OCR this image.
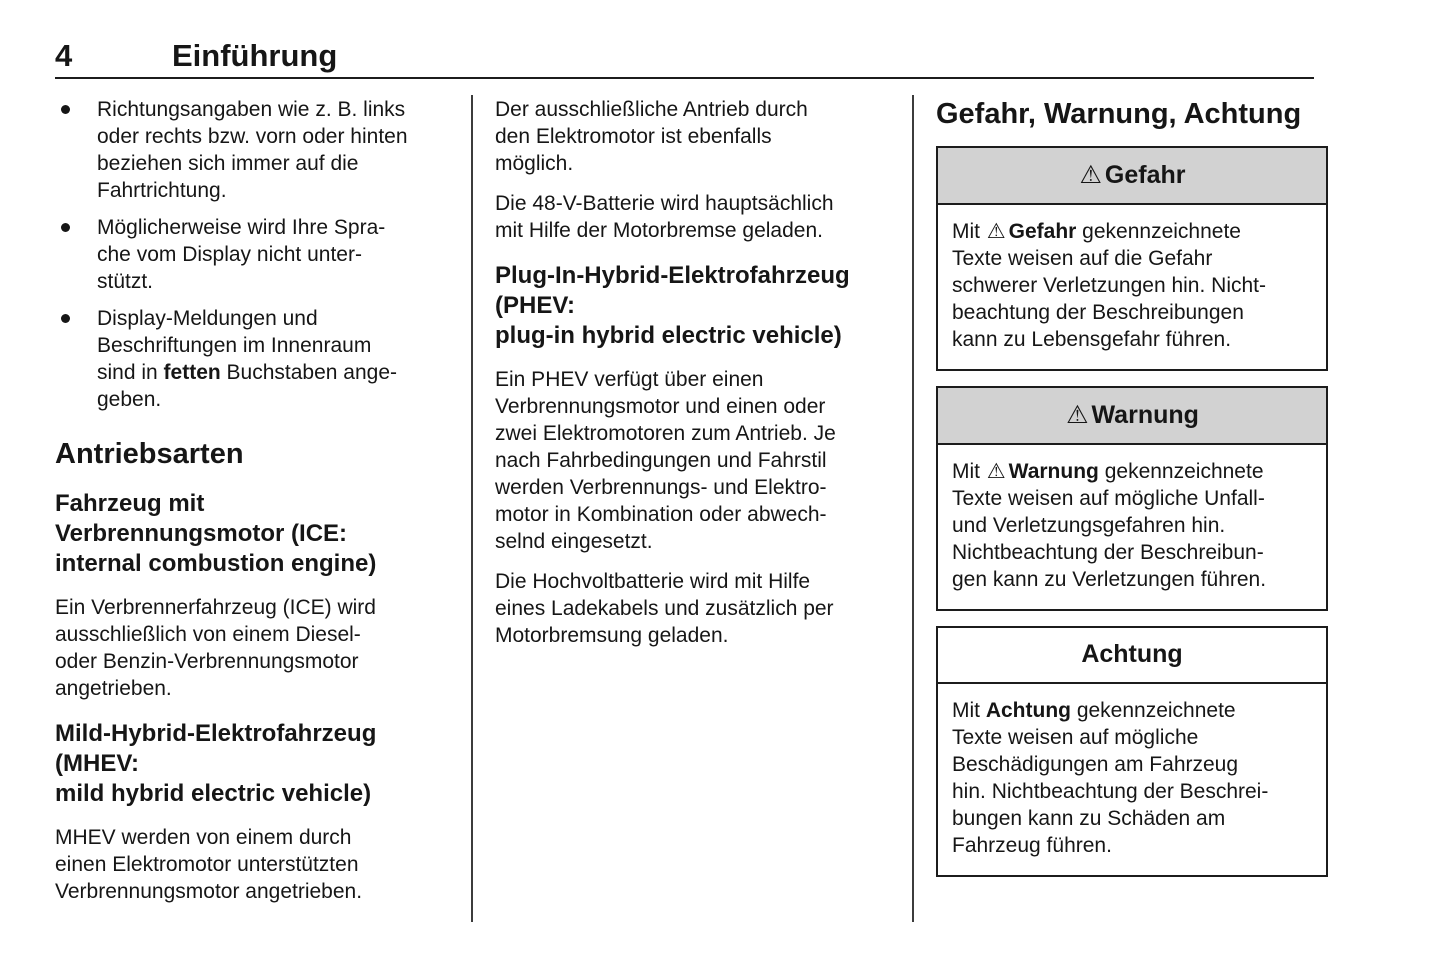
4	Einführung
Richtungsangaben wie z. B. links
oder rechts bzw. vorn oder hinten
beziehen sich immer auf die
Fahrtrichtung.
Möglicherweise wird Ihre Spra-
che vom Display nicht unter-
stützt.
Display-Meldungen und
Beschriftungen im Innenraum
sind in fetten Buchstaben ange-
geben.
Antriebsarten
Fahrzeug mit
Verbrennungsmotor (ICE:
internal combustion engine)
Ein Verbrennerfahrzeug (ICE) wird
ausschließlich von einem Diesel-
oder Benzin-Verbrennungsmotor
angetrieben.
Mild-Hybrid-Elektrofahrzeug
(MHEV:
mild hybrid electric vehicle)
MHEV werden von einem durch
einen Elektromotor unterstützten
Verbrennungsmotor angetrieben.
Der ausschließliche Antrieb durch
den Elektromotor ist ebenfalls
möglich.
Die 48-V-Batterie wird hauptsächlich
mit Hilfe der Motorbremse geladen.
Plug-In-Hybrid-Elektrofahrzeug
(PHEV:
plug-in hybrid electric vehicle)
Ein PHEV verfügt über einen
Verbrennungsmotor und einen oder
zwei Elektromotoren zum Antrieb. Je
nach Fahrbedingungen und Fahrstil
werden Verbrennungs- und Elektro-
motor in Kombination oder abwech-
selnd eingesetzt.
Die Hochvoltbatterie wird mit Hilfe
eines Ladekabels und zusätzlich per
Motorbremsung geladen.
Gefahr, Warnung, Achtung
⚠ Gefahr
Mit ⚠ Gefahr gekennzeichnete
Texte weisen auf die Gefahr
schwerer Verletzungen hin. Nicht-
beachtung der Beschreibungen
kann zu Lebensgefahr führen.
⚠ Warnung
Mit ⚠ Warnung gekennzeichnete
Texte weisen auf mögliche Unfall-
und Verletzungsgefahren hin.
Nichtbeachtung der Beschreibun-
gen kann zu Verletzungen führen.
Achtung
Mit Achtung gekennzeichnete
Texte weisen auf mögliche
Beschädigungen am Fahrzeug
hin. Nichtbeachtung der Beschrei-
bungen kann zu Schäden am
Fahrzeug führen.
